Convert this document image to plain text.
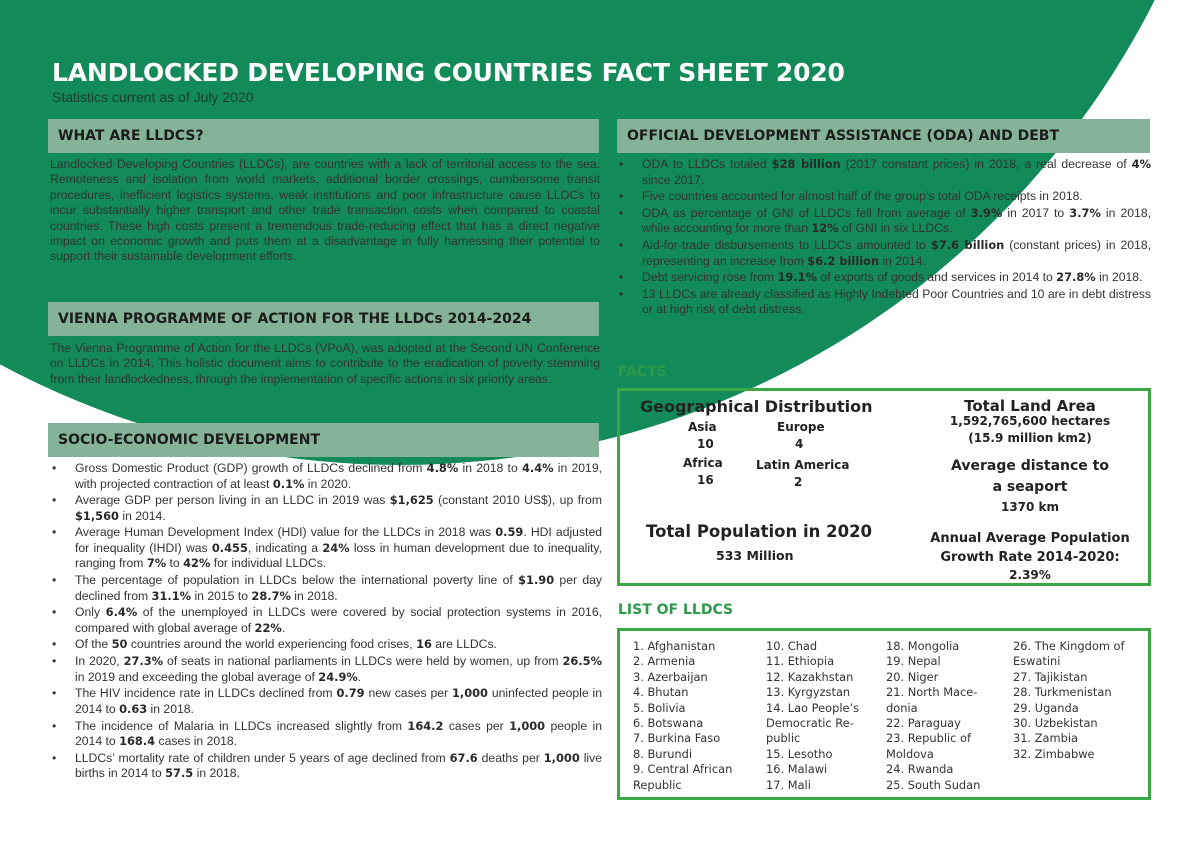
LANDLOCKED DEVELOPING COUNTRIES FACT SHEET 2020
Statistics current as of July 2020
WHAT ARE LLDCS?

Landlocked Developing Countries (LLDCs), are countries with a lack of territorial access to the sea. Remoteness and isolation from world markets, additional border crossings, cumbersome transit procedures, inefficient logistics systems, weak institutions and poor infrastructure cause LLDCs to incur substantially higher transport and other trade transaction costs when compared to coastal countries. These high costs present a tremendous trade-reducing effect that has a direct negative impact on economic growth and puts them at a disadvantage in fully harnessing their potential to support their sustainable development efforts.

VIENNA PROGRAMME OF ACTION FOR THE LLDCs 2014-2024

The Vienna Programme of Action for the LLDCs (VPoA), was adopted at the Second UN Conference on LLDCs in 2014. This holistic document aims to contribute to the eradication of poverty stemming from their landlockedness, through the implementation of specific actions in six priority areas.

SOCIO-ECONOMIC DEVELOPMENT
• Gross Domestic Product (GDP) growth of LLDCs declined from 4.8% in 2018 to 4.4% in 2019, with projected contraction of at least 0.1% in 2020.
• Average GDP per person living in an LLDC in 2019 was $1,625 (constant 2010 US$), up from $1,560 in 2014.
• Average Human Development Index (HDI) value for the LLDCs in 2018 was 0.59. HDI adjusted for inequality (IHDI) was 0.455, indicating a 24% loss in human development due to inequality, ranging from 7% to 42% for individual LLDCs.
• The percentage of population in LLDCs below the international poverty line of $1.90 per day declined from 31.1% in 2015 to 28.7% in 2018.
• Only 6.4% of the unemployed in LLDCs were covered by social protection systems in 2016, compared with global average of 22%.
• Of the 50 countries around the world experiencing food crises, 16 are LLDCs.
• In 2020, 27.3% of seats in national parliaments in LLDCs were held by women, up from 26.5% in 2019 and exceeding the global average of 24.9%.
• The HIV incidence rate in LLDCs declined from 0.79 new cases per 1,000 uninfected people in 2014 to 0.63 in 2018.
• The incidence of Malaria in LLDCs increased slightly from 164.2 cases per 1,000 people in 2014 to 168.4 cases in 2018.
• LLDCs’ mortality rate of children under 5 years of age declined from 67.6 deaths per 1,000 live births in 2014 to 57.5 in 2018.
OFFICIAL DEVELOPMENT ASSISTANCE (ODA) AND DEBT
• ODA to LLDCs totaled $28 billion (2017 constant prices) in 2018, a real decrease of 4% since 2017.
• Five countries accounted for almost half of the group’s total ODA receipts in 2018.
• ODA as percentage of GNI of LLDCs fell from average of 3.9% in 2017 to 3.7% in 2018, while accounting for more than 12% of GNI in six LLDCs.
• Aid-for-trade disbursements to LLDCs amounted to $7.6 billion (constant prices) in 2018, representing an increase from $6.2 billion in 2014.
• Debt servicing rose from 19.1% of exports of goods and services in 2014 to 27.8% in 2018.
• 13 LLDCs are already classified as Highly Indebted Poor Countries and 10 are in debt distress or at high risk of debt distress.
FACTS
Geographical Distribution
Asia
10
Europe
4
Africa
16
Latin America
2
Total Population in 2020
533 Million
Total Land Area
1,592,765,600 hectares
(15.9 million km2)
Average distance to
a seaport
1370 km
Annual Average Population
Growth Rate 2014-2020:
2.39%
LIST OF LLDCS
1. Afghanistan
2. Armenia
3. Azerbaijan
4. Bhutan
5. Bolivia
6. Botswana
7. Burkina Faso
8. Burundi
9. Central African
Republic
10. Chad
11. Ethiopia
12. Kazakhstan
13. Kyrgyzstan
14. Lao People’s
Democratic Re-
public
15. Lesotho
16. Malawi
17. Mali
18. Mongolia
19. Nepal
20. Niger
21. North Mace-
donia
22. Paraguay
23. Republic of
Moldova
24. Rwanda
25. South Sudan
26. The Kingdom of
Eswatini
27. Tajikistan
28. Turkmenistan
29. Uganda
30. Uzbekistan
31. Zambia
32. Zimbabwe
